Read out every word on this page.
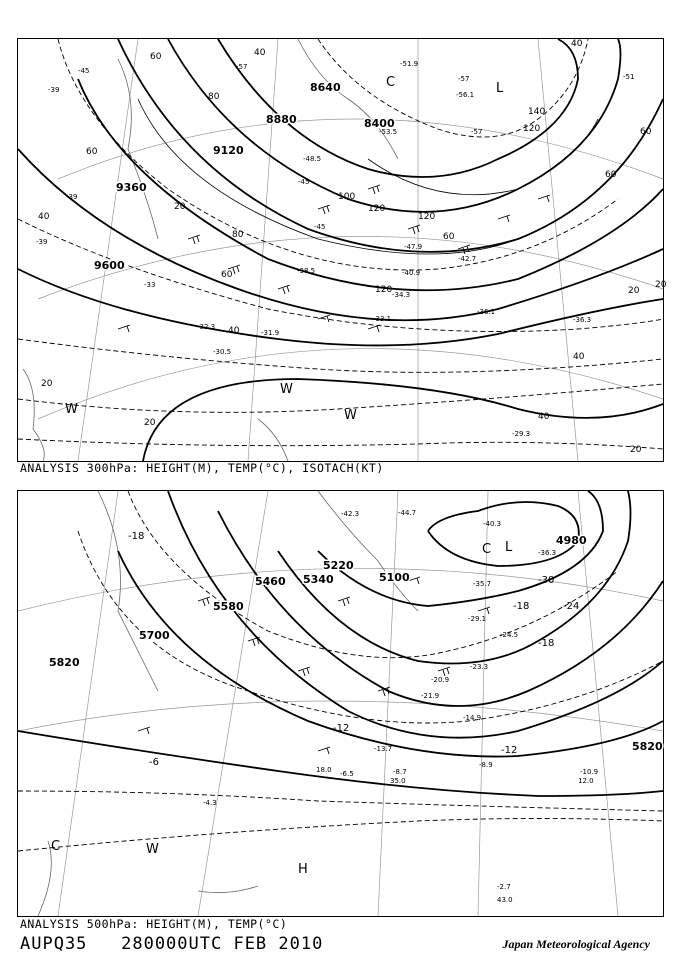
8640
8400
8880
9120
9360
9600
60
80
40
60
40
140
120	60
40
60
100
120
120
120
80
60
40
20
20
20
40
20
20
60
40
20
-45
-39
-51
-57
-53.5	-57
-51.9
-57
-56.1
-45
-39
-48.5
-45
-39
-33
-38.5
-36.3
-33.1
-34.3
-30.5
-29.3
-31.9
-32.3
-36.1
-42.7
-40.9
-47.9
L
C
W
W
W
ANALYSIS 300hPa: HEIGHT(M), TEMP(°C), ISOTACH(KT)
5220
5100
4980
5460 5340
5580
5700
5820
5820
-18
-18
-30
-24
-18
-12
-6
-12
-42.3	-44.7
-40.3
-36.3
-35.7
-29.1
-24.5
-21.9
-23.3
-20.9
-14.9
-13.7
-10.9
-8.9
-8.7
-6.5
-4.3
-2.7
43.0
12.0
18.0
35.0
L
C
H
C	W
ANALYSIS 500hPa: HEIGHT(M), TEMP(°C)
AUPQ35   280000UTC FEB 2010	Japan Meteorological Agency
